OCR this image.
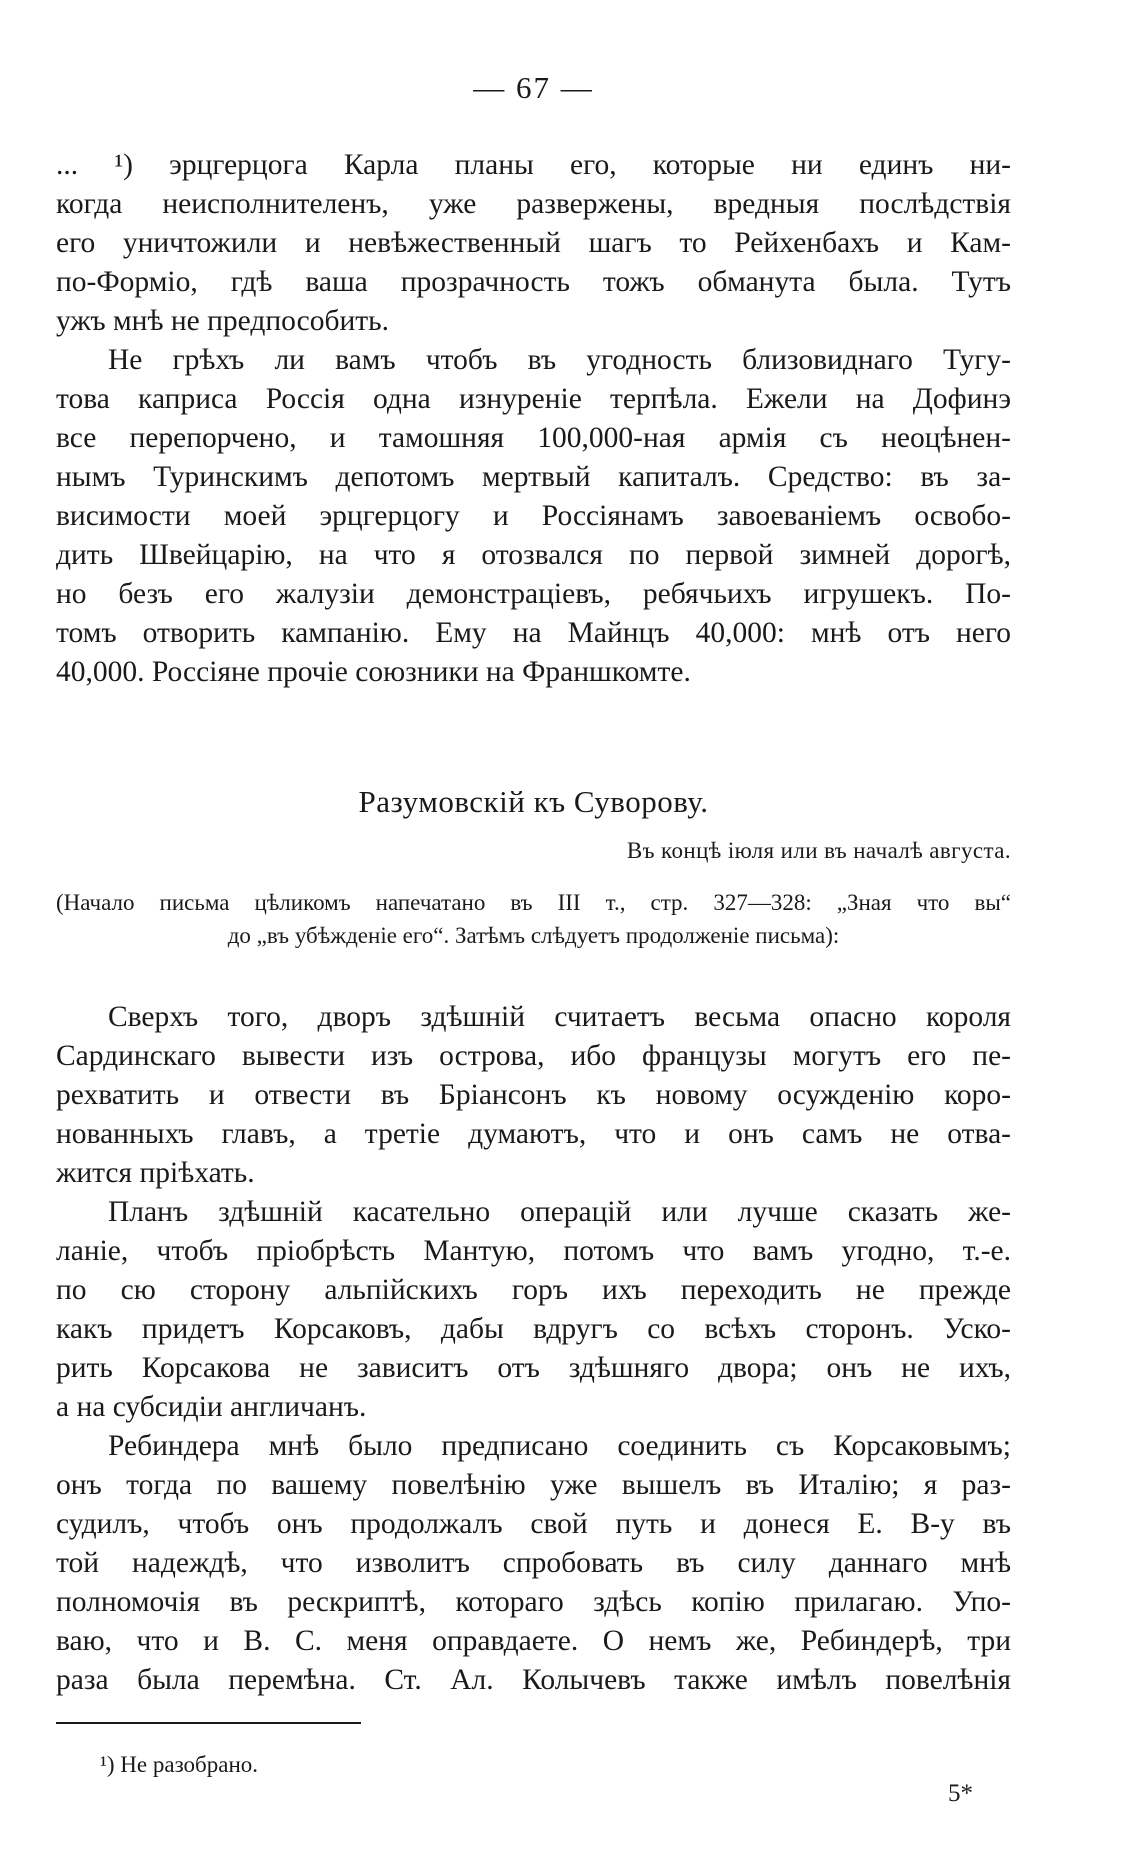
— 67 —

... ¹) эрцгерцога Карла планы его, которые ни единъ ни-
когда неисполнителенъ, уже развержены, вредныя послѣдствія
его уничтожили и невѣжественный шагъ то Рейхенбахъ и Кам-
по-Форміо, гдѣ ваша прозрачность тожъ обманута была. Тутъ
ужъ мнѣ не предпособить.

Не грѣхъ ли вамъ чтобъ въ угодность близовиднаго Тугу-
това каприса Россія одна изнуреніе терпѣла. Ежели на Дофинэ
все перепорчено, и тамошняя 100,000-ная армія съ неоцѣнен-
нымъ Туринскимъ депотомъ мертвый капиталъ. Средство: въ за-
висимости моей эрцгерцогу и Россіянамъ завоеваніемъ освобо-
дить Швейцарію, на что я отозвался по первой зимней дорогѣ,
но безъ его жалузіи демонстраціевъ, ребячьихъ игрушекъ. По-
томъ отворить кампанію. Ему на Майнцъ 40,000: мнѣ отъ него
40,000. Россіяне прочіе союзники на Франшкомте.

Разумовскій къ Суворову.
Въ концѣ іюля или въ началѣ августа.
(Начало письма цѣликомъ напечатано въ III т., стр. 327—328: „Зная что вы“
до „въ убѣжденіе его“. Затѣмъ слѣдуетъ продолженіе письма):

Сверхъ того, дворъ здѣшній считаетъ весьма опасно короля
Сардинскаго вывести изъ острова, ибо французы могутъ его пе-
рехватить и отвести въ Бріансонъ къ новому осужденію коро-
нованныхъ главъ, а третіе думаютъ, что и онъ самъ не отва-
жится пріѣхать.

Планъ здѣшній касательно операцій или лучше сказать же-
ланіе, чтобъ пріобрѣсть Мантую, потомъ что вамъ угодно, т.-е.
по сю сторону альпійскихъ горъ ихъ переходить не прежде
какъ придетъ Корсаковъ, дабы вдругъ со всѣхъ сторонъ. Уско-
рить Корсакова не зависитъ отъ здѣшняго двора; онъ не ихъ,
а на субсидіи англичанъ.

Ребиндера мнѣ было предписано соединить съ Корсаковымъ;
онъ тогда по вашему повелѣнію уже вышелъ въ Италію; я раз-
судилъ, чтобъ онъ продолжалъ свой путь и донеся Е. В-у въ
той надеждѣ, что изволитъ спробовать въ силу даннаго мнѣ
полномочія въ рескриптѣ, котораго здѣсь копію прилагаю. Упо-
ваю, что и В. С. меня оправдаете. О немъ же, Ребиндерѣ, три
раза была перемѣна. Ст. Ал. Колычевъ также имѣлъ повелѣнія

¹) Не разобрано.
5*
